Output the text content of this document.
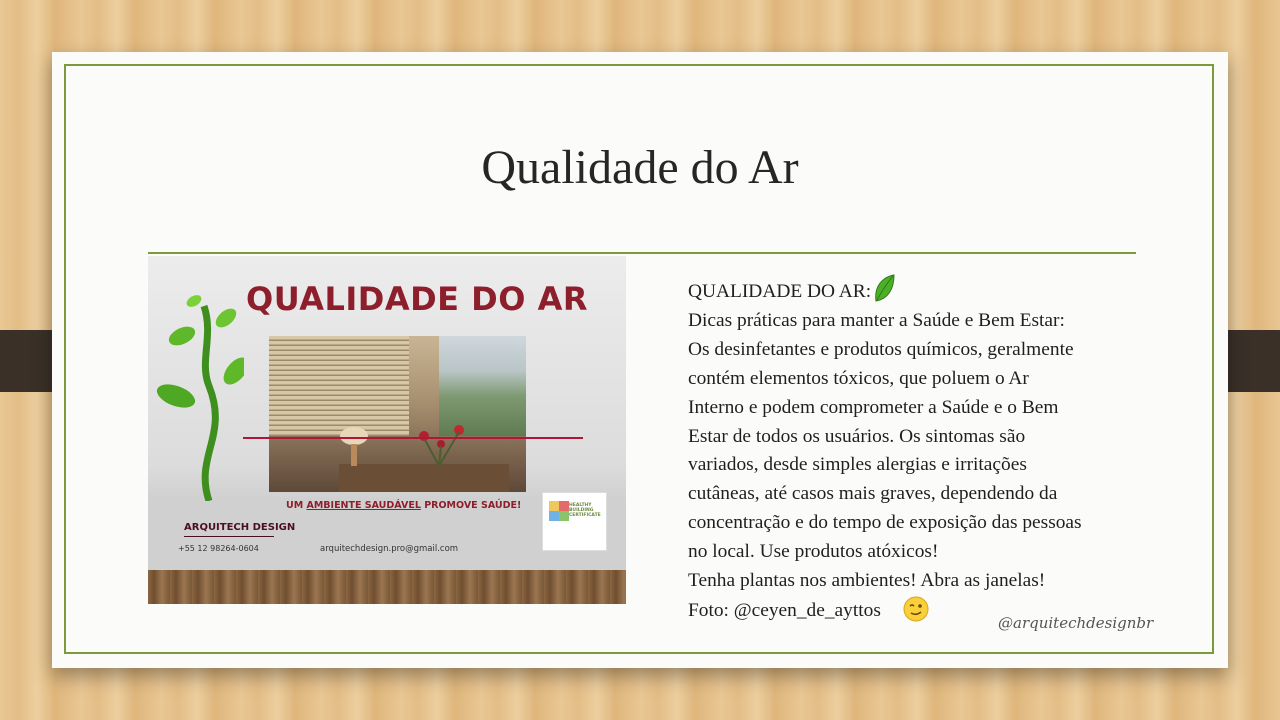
Qualidade do Ar
QUALIDADE DO AR
UM AMBIENTE SAUDÁVEL PROMOVE SAÚDE!
ARQUITECH DESIGN
+55 12 98264-0604	arquitechdesign.pro@gmail.com
HEALTHY
BUILDING
CERTIFICATE
QUALIDADE DO AR:
Dicas práticas para manter a Saúde e Bem Estar:
Os desinfetantes e produtos químicos, geralmente
contém elementos tóxicos, que poluem o Ar
Interno e podem comprometer a Saúde e o Bem
Estar de todos os usuários. Os sintomas são
variados, desde simples alergias e irritações
cutâneas, até casos mais graves, dependendo da
concentração e do tempo de exposição das pessoas
no local. Use produtos atóxicos!
Tenha plantas nos ambientes! Abra as janelas!
Foto: @ceyen_de_ayttos
@arquitechdesignbr
